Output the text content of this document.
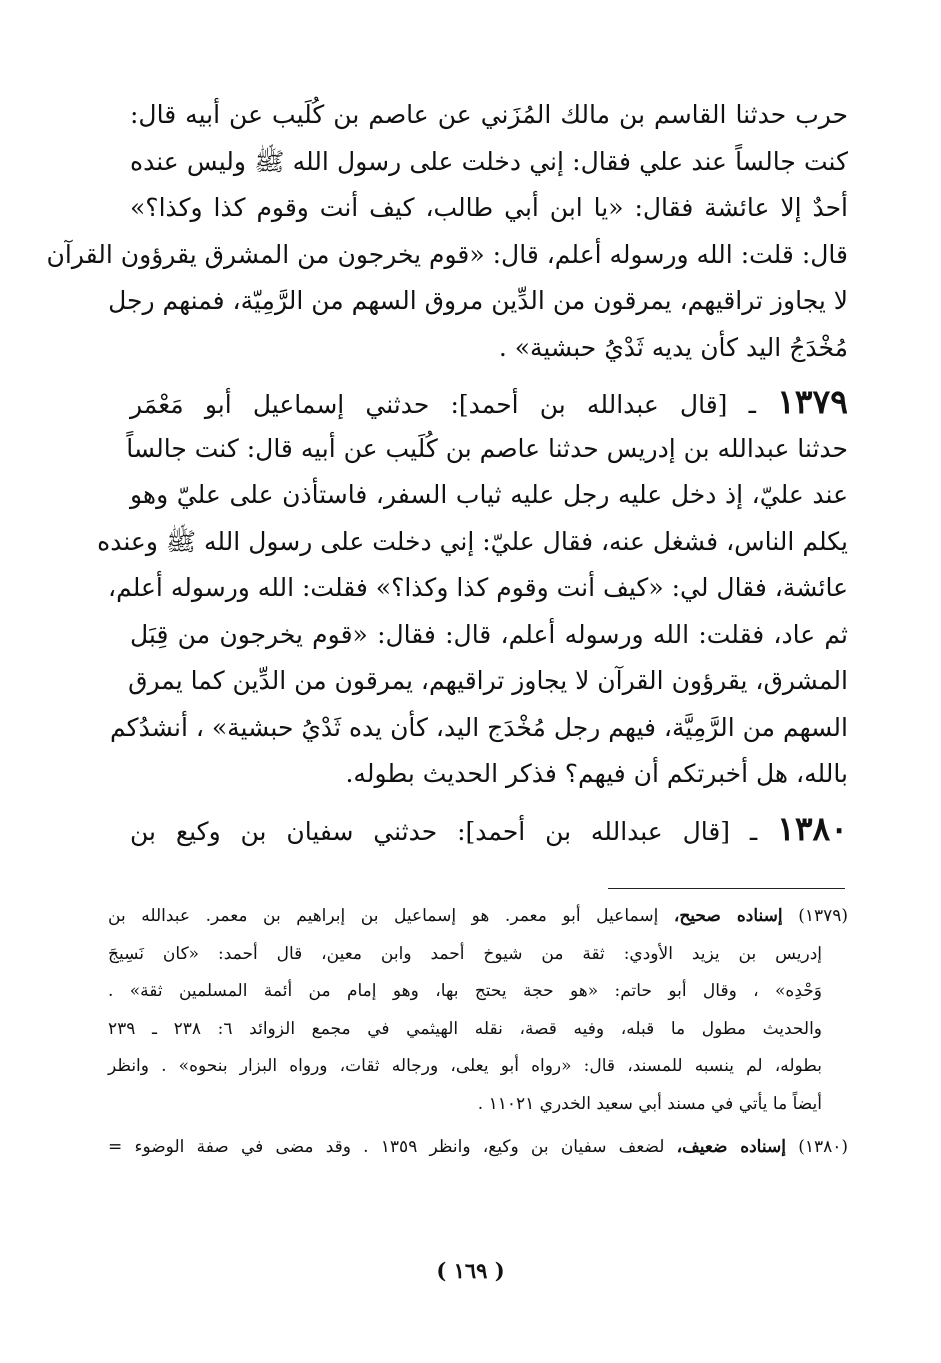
حرب حدثنا القاسم بن مالك المُزَني عن عاصم بن كُلَيب عن أبيه قال:
كنت جالساً عند علي فقال: إني دخلت على رسول الله ﷺ وليس عنده
أحدٌ إلا عائشة فقال: «يا ابن أبي طالب، كيف أنت وقوم كذا وكذا؟»
قال: قلت: الله ورسوله أعلم، قال: «قوم يخرجون من المشرق يقرؤون القرآن
لا يجاوز تراقيهم، يمرقون من الدِّين مروق السهم من الرَّمِيّة، فمنهم رجل
مُخْدَجُ اليد كأن يديه ثَدْيُ حبشية» .
١٣٧٩ ـ [قال عبدالله بن أحمد]: حدثني إسماعيل أبو مَعْمَر
حدثنا عبدالله بن إدريس حدثنا عاصم بن كُلَيب عن أبيه قال: كنت جالساً
عند عليّ، إذ دخل عليه رجل عليه ثياب السفر، فاستأذن على عليّ وهو
يكلم الناس، فشغل عنه، فقال عليّ: إني دخلت على رسول الله ﷺ وعنده
عائشة، فقال لي: «كيف أنت وقوم كذا وكذا؟» فقلت: الله ورسوله أعلم،
ثم عاد، فقلت: الله ورسوله أعلم، قال: فقال: «قوم يخرجون من قِبَل
المشرق، يقرؤون القرآن لا يجاوز تراقيهم، يمرقون من الدِّين كما يمرق
السهم من الرَّمِيَّة، فيهم رجل مُخْدَج اليد، كأن يده ثَدْيُ حبشية» ، أنشدُكم
بالله، هل أخبرتكم أن فيهم؟ فذكر الحديث بطوله.
١٣٨٠ ـ [قال عبدالله بن أحمد]: حدثني سفيان بن وكيع بن
(١٣٧٩) إسناده صحيح، إسماعيل أبو معمر. هو إسماعيل بن إبراهيم بن معمر. عبدالله بن
إدريس بن يزيد الأودي: ثقة من شيوخ أحمد وابن معين، قال أحمد: «كان نَسِيجَ
وَحْدِه» ، وقال أبو حاتم: «هو حجة يحتج بها، وهو إمام من أئمة المسلمين ثقة» .
والحديث مطول ما قبله، وفيه قصة، نقله الهيثمي في مجمع الزوائد ٦: ٢٣٨ ـ ٢٣٩
بطوله، لم ينسبه للمسند، قال: «رواه أبو يعلى، ورجاله ثقات، ورواه البزار بنحوه» . وانظر
أيضاً ما يأتي في مسند أبي سعيد الخدري ١١٠٢١ .
(١٣٨٠) إسناده ضعيف، لضعف سفيان بن وكيع، وانظر ١٣٥٩ . وقد مضى في صفة الوضوء =
( ١٦٩ )
